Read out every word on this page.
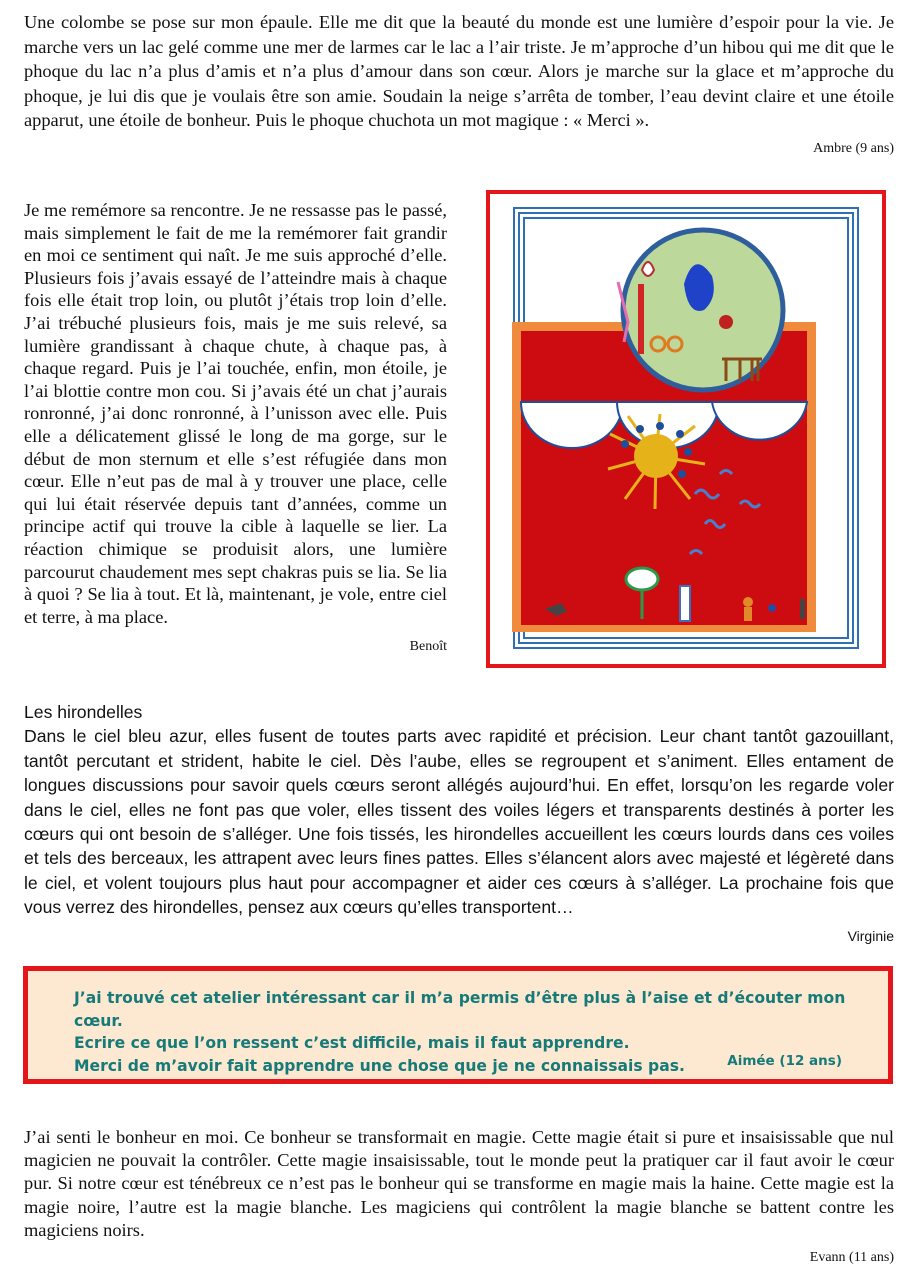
Une colombe se pose sur mon épaule. Elle me dit que la beauté du monde est une lumière d’espoir pour la vie. Je marche vers un lac gelé comme une mer de larmes car le lac a l’air triste. Je m’approche d’un hibou qui me dit que le phoque du lac n’a plus d’amis et n’a plus d’amour dans son cœur. Alors je marche sur la glace et m’approche du phoque, je lui dis que je voulais être son amie. Soudain la neige s’arrêta de tomber, l’eau devint claire et une étoile apparut, une étoile de bonheur. Puis le phoque chuchota un mot magique : « Merci ».

Ambre (9 ans)

Je me remémore sa rencontre. Je ne ressasse pas le passé, mais simplement le fait de me la remémorer fait grandir en moi ce sentiment qui naît. Je me suis approché d’elle. Plusieurs fois j’avais essayé de l’atteindre mais à chaque fois elle était trop loin, ou plutôt j’étais trop loin d’elle. J’ai trébuché plusieurs fois, mais je me suis relevé, sa lumière grandissant à chaque chute, à chaque pas, à chaque regard. Puis je l’ai touchée, enfin, mon étoile, je l’ai blottie contre mon cou. Si j’avais été un chat j’aurais ronronné, j’ai donc ronronné, à l’unisson avec elle. Puis elle a délicatement glissé le long de ma gorge, sur le début de mon sternum et elle s’est réfugiée dans mon cœur. Elle n’eut pas de mal à y trouver une place, celle qui lui était réservée depuis tant d’années, comme un principe actif qui trouve la cible à laquelle se lier. La réaction chimique se produisit alors, une lumière parcourut chaudement mes sept chakras puis se lia. Se lia à quoi ? Se lia à tout. Et là, maintenant, je vole, entre ciel et terre, à ma place.

Benoît

Les hirondelles

Dans le ciel bleu azur, elles fusent de toutes parts avec rapidité et précision. Leur chant tantôt gazouillant, tantôt percutant et strident, habite le ciel. Dès l’aube, elles se regroupent et s’animent. Elles entament de longues discussions pour savoir quels cœurs seront allégés aujourd’hui. En effet, lorsqu’on les regarde voler dans le ciel, elles ne font pas que voler, elles tissent des voiles légers et transparents destinés à porter les cœurs qui ont besoin de s’alléger. Une fois tissés, les hirondelles accueillent les cœurs lourds dans ces voiles et tels des berceaux, les attrapent avec leurs fines pattes. Elles s’élancent alors avec majesté et légèreté dans le ciel, et volent toujours plus haut pour accompagner et aider ces cœurs à s’alléger. La prochaine fois que vous verrez des hirondelles, pensez aux cœurs qu’elles transportent…

Virginie

J’ai trouvé cet atelier intéressant car il m’a permis d’être plus à l’aise et d’écouter mon cœur.

Ecrire ce que l’on ressent c’est difficile, mais il faut apprendre.

Merci de m’avoir fait apprendre une chose que je ne connaissais pas.	Aimée (12 ans)

J’ai senti le bonheur en moi. Ce bonheur se transformait en magie. Cette magie était si pure et insaisissable que nul magicien ne pouvait la contrôler. Cette magie insaisissable, tout le monde peut la pratiquer car il faut avoir le cœur pur. Si notre cœur est ténébreux ce n’est pas le bonheur qui se transforme en magie mais la haine. Cette magie est la magie noire, l’autre est la magie blanche. Les magiciens qui contrôlent la magie blanche se battent contre les magiciens noirs.

Evann (11 ans)
